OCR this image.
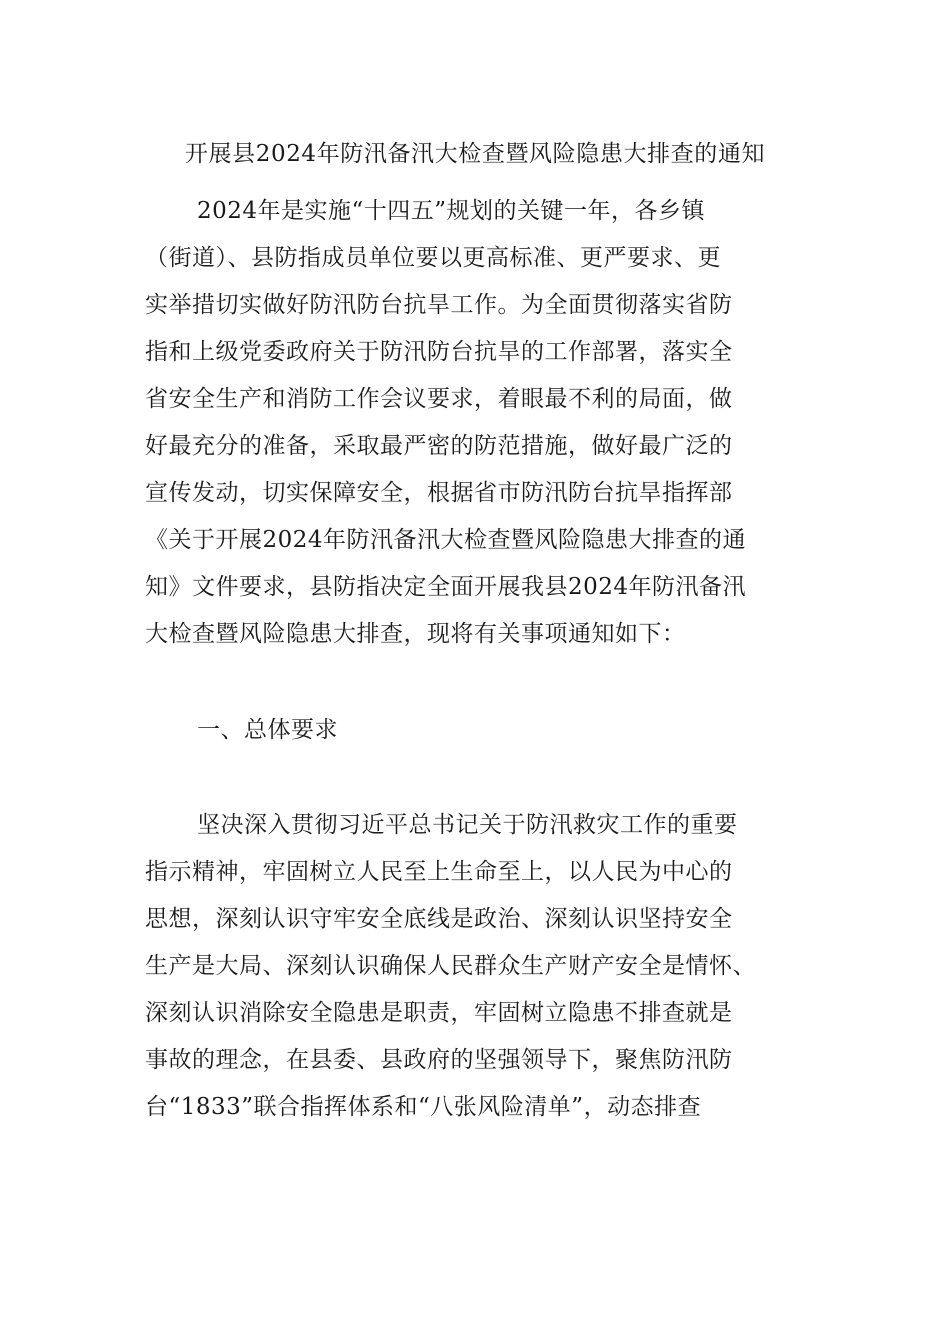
开展县2024年防汛备汛大检查暨风险隐患大排查的通知
2024年是实施“十四五”规划的关键一年，各乡镇
（街道）、县防指成员单位要以更高标准、更严要求、更
实举措切实做好防汛防台抗旱工作。为全面贯彻落实省防
指和上级党委政府关于防汛防台抗旱的工作部署，落实全
省安全生产和消防工作会议要求，着眼最不利的局面，做
好最充分的准备，采取最严密的防范措施，做好最广泛的
宣传发动，切实保障安全，根据省市防汛防台抗旱指挥部
《关于开展2024年防汛备汛大检查暨风险隐患大排查的通
知》文件要求，县防指决定全面开展我县2024年防汛备汛
大检查暨风险隐患大排查，现将有关事项通知如下：
一、总体要求
坚决深入贯彻习近平总书记关于防汛救灾工作的重要
指示精神，牢固树立人民至上生命至上，以人民为中心的
思想，深刻认识守牢安全底线是政治、深刻认识坚持安全
生产是大局、深刻认识确保人民群众生产财产安全是情怀、
深刻认识消除安全隐患是职责，牢固树立隐患不排查就是
事故的理念，在县委、县政府的坚强领导下，聚焦防汛防
台“1833”联合指挥体系和“八张风险清单”，动态排查
